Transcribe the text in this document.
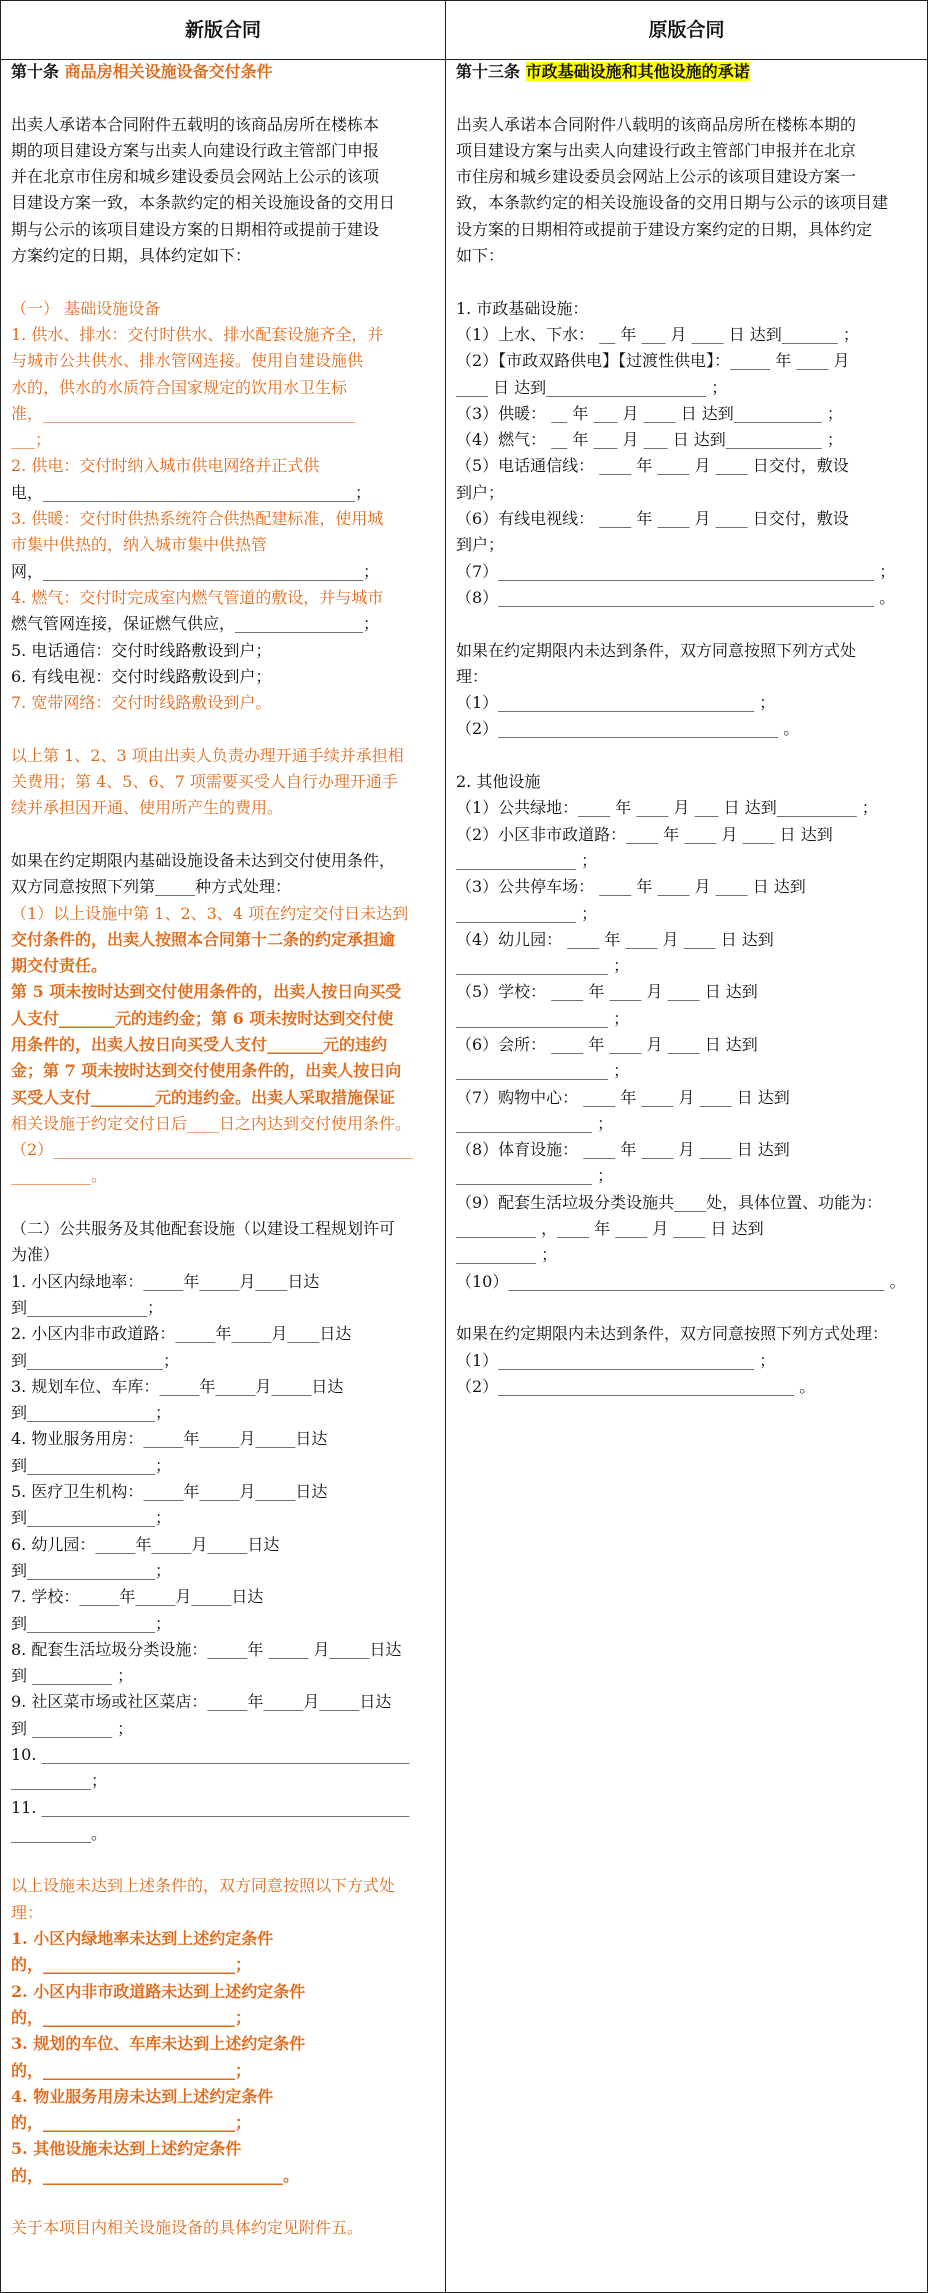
新版合同	原版合同
第十条 商品房相关设施设备交付条件
出卖人承诺本合同附件五载明的该商品房所在楼栋本
期的项目建设方案与出卖人向建设行政主管部门申报
并在北京市住房和城乡建设委员会网站上公示的该项
目建设方案一致，本条款约定的相关设施设备的交用日
期与公示的该项目建设方案的日期相符或提前于建设
方案约定的日期，具体约定如下：
（一） 基础设施设备
1. 供水、排水：交付时供水、排水配套设施齐全，并
与城市公共供水、排水管网连接。使用自建设施供
水的，供水的水质符合国家规定的饮用水卫生标
准，_______________________________________
___；
2. 供电：交付时纳入城市供电网络并正式供
电，_______________________________________；
3. 供暖：交付时供热系统符合供热配建标准，使用城
市集中供热的，纳入城市集中供热管
网，________________________________________；
4. 燃气：交付时完成室内燃气管道的敷设，并与城市
燃气管网连接，保证燃气供应，________________；
5. 电话通信：交付时线路敷设到户；
6. 有线电视：交付时线路敷设到户；
7. 宽带网络：交付时线路敷设到户。
以上第 1、2、3 项由出卖人负责办理开通手续并承担相
关费用；第 4、5、6、7 项需要买受人自行办理开通手
续并承担因开通、使用所产生的费用。
如果在约定期限内基础设施设备未达到交付使用条件，
双方同意按照下列第_____种方式处理：
（1）以上设施中第 1、2、3、4 项在约定交付日未达到
交付条件的，出卖人按照本合同第十二条的约定承担逾
期交付责任。
第 5 项未按时达到交付使用条件的，出卖人按日向买受
人支付_______元的违约金；第 6 项未按时达到交付使
用条件的，出卖人按日向买受人支付_______元的违约
金；第 7 项未按时达到交付使用条件的，出卖人按日向
买受人支付________元的违约金。出卖人采取措施保证
相关设施于约定交付日后____日之内达到交付使用条件。
（2）_____________________________________________
__________。
（二）公共服务及其他配套设施（以建设工程规划许可
为准）
1. 小区内绿地率：_____年_____月____日达
到_______________；
2. 小区内非市政道路：_____年_____月____日达
到_________________；
3. 规划车位、车库：_____年_____月_____日达
到________________；
4. 物业服务用房：_____年_____月_____日达
到________________；
5. 医疗卫生机构：_____年_____月_____日达
到________________；
6. 幼儿园：_____年_____月_____日达
到________________；
7. 学校：_____年_____月_____日达
到________________；
8. 配套生活垃圾分类设施：_____年 _____ 月_____日达
到 __________ ；
9. 社区菜市场或社区菜店：_____年_____月_____日达
到 __________ ；
10. ______________________________________________
__________；
11. ______________________________________________
__________。
以上设施未达到上述条件的，双方同意按照以下方式处
理：
1. 小区内绿地率未达到上述约定条件
的，________________________；
2. 小区内非市政道路未达到上述约定条件
的，________________________；
3. 规划的车位、车库未达到上述约定条件
的，________________________；
4. 物业服务用房未达到上述约定条件
的，________________________；
5. 其他设施未达到上述约定条件
的，______________________________。
关于本项目内相关设施设备的具体约定见附件五。
第十三条 市政基础设施和其他设施的承诺
出卖人承诺本合同附件八载明的该商品房所在楼栋本期的
项目建设方案与出卖人向建设行政主管部门申报并在北京
市住房和城乡建设委员会网站上公示的该项目建设方案一
致，本条款约定的相关设施设备的交用日期与公示的该项目建
设方案的日期相符或提前于建设方案约定的日期，具体约定
如下：
1. 市政基础设施：
（1）上水、下水： __ 年 ___ 月 ____ 日 达到_______ ；
（2）【市政双路供电】【过渡性供电】：_____ 年 ____ 月
____ 日 达到____________________ ；
（3）供暖： __ 年 ___ 月 ____ 日 达到___________ ；
（4）燃气： __ 年 ___ 月 ___ 日 达到____________ ；
（5）电话通信线： ____ 年 ____ 月 ____ 日交付，敷设
到户；
（6）有线电视线： ____ 年 ____ 月 ____ 日交付，敷设
到户；
（7）_______________________________________________ ；
（8）_______________________________________________ 。
如果在约定期限内未达到条件，双方同意按照下列方式处
理：
（1）________________________________ ；
（2）___________________________________ 。
2. 其他设施
（1）公共绿地：____ 年 ____ 月 ___ 日 达到__________ ；
（2）小区非市政道路：____ 年 ____ 月 ____ 日 达到
_______________ ；
（3）公共停车场： ____ 年 ____ 月 ____ 日 达到
_______________ ；
（4）幼儿园： ____ 年 ____ 月 ____ 日 达到
___________________ ；
（5）学校： ____ 年 ____ 月 ____ 日 达到
___________________ ；
（6）会所： ____ 年 ____ 月 ____ 日 达到
___________________ ；
（7）购物中心： ____ 年 ____ 月 ____ 日 达到
_________________ ；
（8）体育设施： ____ 年 ____ 月 ____ 日 达到
_________________ ；
（9）配套生活垃圾分类设施共____处，具体位置、功能为：
__________ ，____ 年 ____ 月 ____ 日 达到
__________ ；
（10）_______________________________________________ 。
如果在约定期限内未达到条件，双方同意按照下列方式处理：
（1）________________________________ ；
（2）_____________________________________ 。
